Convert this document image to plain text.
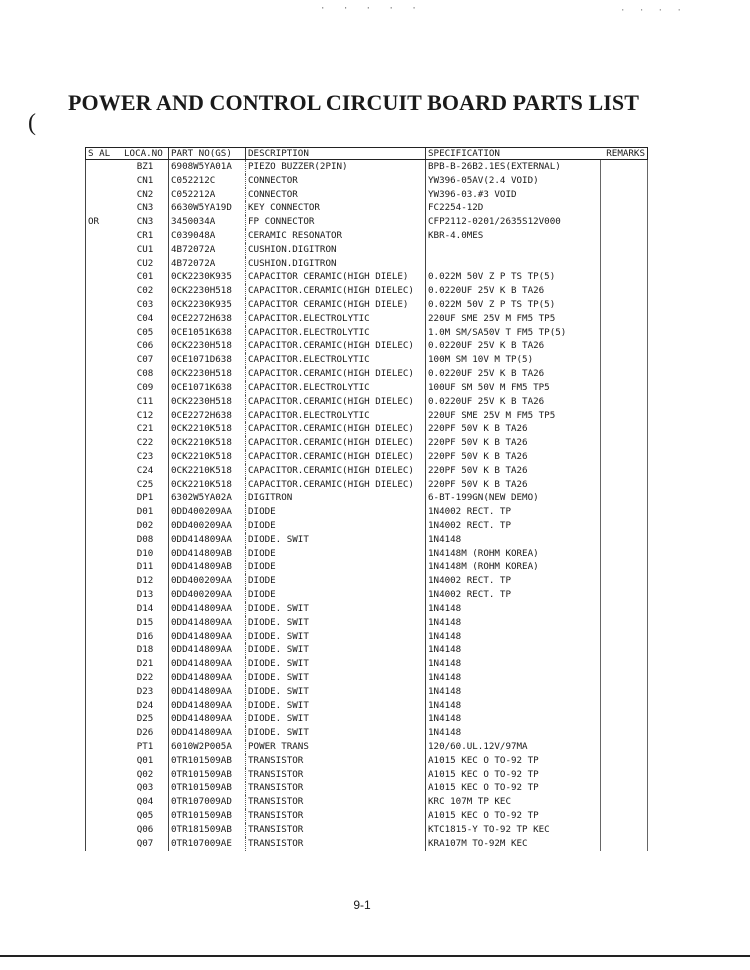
· · · · ·	· · · ·
(
POWER AND CONTROL CIRCUIT BOARD PARTS LIST
S AL	LOCA.NO	PART NO(GS)	DESCRIPTION	SPECIFICATION	REMARKS
	BZ1	6908W5YA01A	PIEZO BUZZER(2PIN)	BPB-B-26B2.1ES(EXTERNAL)	
	CN1	C052212C	CONNECTOR	YW396-05AV(2.4 VOID)	
	CN2	C052212A	CONNECTOR	YW396-03.#3 VOID	
	CN3	6630W5YA19D	KEY CONNECTOR	FC2254-12D	
OR	CN3	3450034A	FP CONNECTOR	CFP2112-0201/2635S12V000	
	CR1	C039048A	CERAMIC RESONATOR	KBR-4.0MES	
	CU1	4B72072A	CUSHION.DIGITRON		
	CU2	4B72072A	CUSHION.DIGITRON		
	C01	0CK2230K935	CAPACITOR CERAMIC(HIGH DIELE)	0.022M 50V Z P TS TP(5)	
	C02	0CK2230H518	CAPACITOR.CERAMIC(HIGH DIELEC)	0.0220UF 25V K B TA26	
	C03	0CK2230K935	CAPACITOR CERAMIC(HIGH DIELE)	0.022M 50V Z P TS TP(5)	
	C04	0CE2272H638	CAPACITOR.ELECTROLYTIC	220UF SME 25V M FM5 TP5	
	C05	0CE1051K638	CAPACITOR.ELECTROLYTIC	1.0M SM/SA50V T FM5 TP(5)	
	C06	0CK2230H518	CAPACITOR.CERAMIC(HIGH DIELEC)	0.0220UF 25V K B TA26	
	C07	0CE1071D638	CAPACITOR.ELECTROLYTIC	100M SM 10V M TP(5)	
	C08	0CK2230H518	CAPACITOR.CERAMIC(HIGH DIELEC)	0.0220UF 25V K B TA26	
	C09	0CE1071K638	CAPACITOR.ELECTROLYTIC	100UF SM 50V M FM5 TP5	
	C11	0CK2230H518	CAPACITOR.CERAMIC(HIGH DIELEC)	0.0220UF 25V K B TA26	
	C12	0CE2272H638	CAPACITOR.ELECTROLYTIC	220UF SME 25V M FM5 TP5	
	C21	0CK2210K518	CAPACITOR.CERAMIC(HIGH DIELEC)	220PF 50V K B TA26	
	C22	0CK2210K518	CAPACITOR.CERAMIC(HIGH DIELEC)	220PF 50V K B TA26	
	C23	0CK2210K518	CAPACITOR.CERAMIC(HIGH DIELEC)	220PF 50V K B TA26	
	C24	0CK2210K518	CAPACITOR.CERAMIC(HIGH DIELEC)	220PF 50V K B TA26	
	C25	0CK2210K518	CAPACITOR.CERAMIC(HIGH DIELEC)	220PF 50V K B TA26	
	DP1	6302W5YA02A	DIGITRON	6-BT-199GN(NEW DEMO)	
	D01	0DD400209AA	DIODE	1N4002 RECT. TP	
	D02	0DD400209AA	DIODE	1N4002 RECT. TP	
	D08	0DD414809AA	DIODE. SWIT	1N4148	
	D10	0DD414809AB	DIODE	1N4148M (ROHM KOREA)	
	D11	0DD414809AB	DIODE	1N4148M (ROHM KOREA)	
	D12	0DD400209AA	DIODE	1N4002 RECT. TP	
	D13	0DD400209AA	DIODE	1N4002 RECT. TP	
	D14	0DD414809AA	DIODE. SWIT	1N4148	
	D15	0DD414809AA	DIODE. SWIT	1N4148	
	D16	0DD414809AA	DIODE. SWIT	1N4148	
	D18	0DD414809AA	DIODE. SWIT	1N4148	
	D21	0DD414809AA	DIODE. SWIT	1N4148	
	D22	0DD414809AA	DIODE. SWIT	1N4148	
	D23	0DD414809AA	DIODE. SWIT	1N4148	
	D24	0DD414809AA	DIODE. SWIT	1N4148	
	D25	0DD414809AA	DIODE. SWIT	1N4148	
	D26	0DD414809AA	DIODE. SWIT	1N4148	
	PT1	6010W2P005A	POWER TRANS	120/60.UL.12V/97MA	
	Q01	0TR101509AB	TRANSISTOR	A1015 KEC O TO-92 TP	
	Q02	0TR101509AB	TRANSISTOR	A1015 KEC O TO-92 TP	
	Q03	0TR101509AB	TRANSISTOR	A1015 KEC O TO-92 TP	
	Q04	0TR107009AD	TRANSISTOR	KRC 107M TP KEC	
	Q05	0TR101509AB	TRANSISTOR	A1015 KEC O TO-92 TP	
	Q06	0TR181509AB	TRANSISTOR	KTC1815-Y TO-92 TP KEC	
	Q07	0TR107009AE	TRANSISTOR	KRA107M TO-92M KEC	
9-1
